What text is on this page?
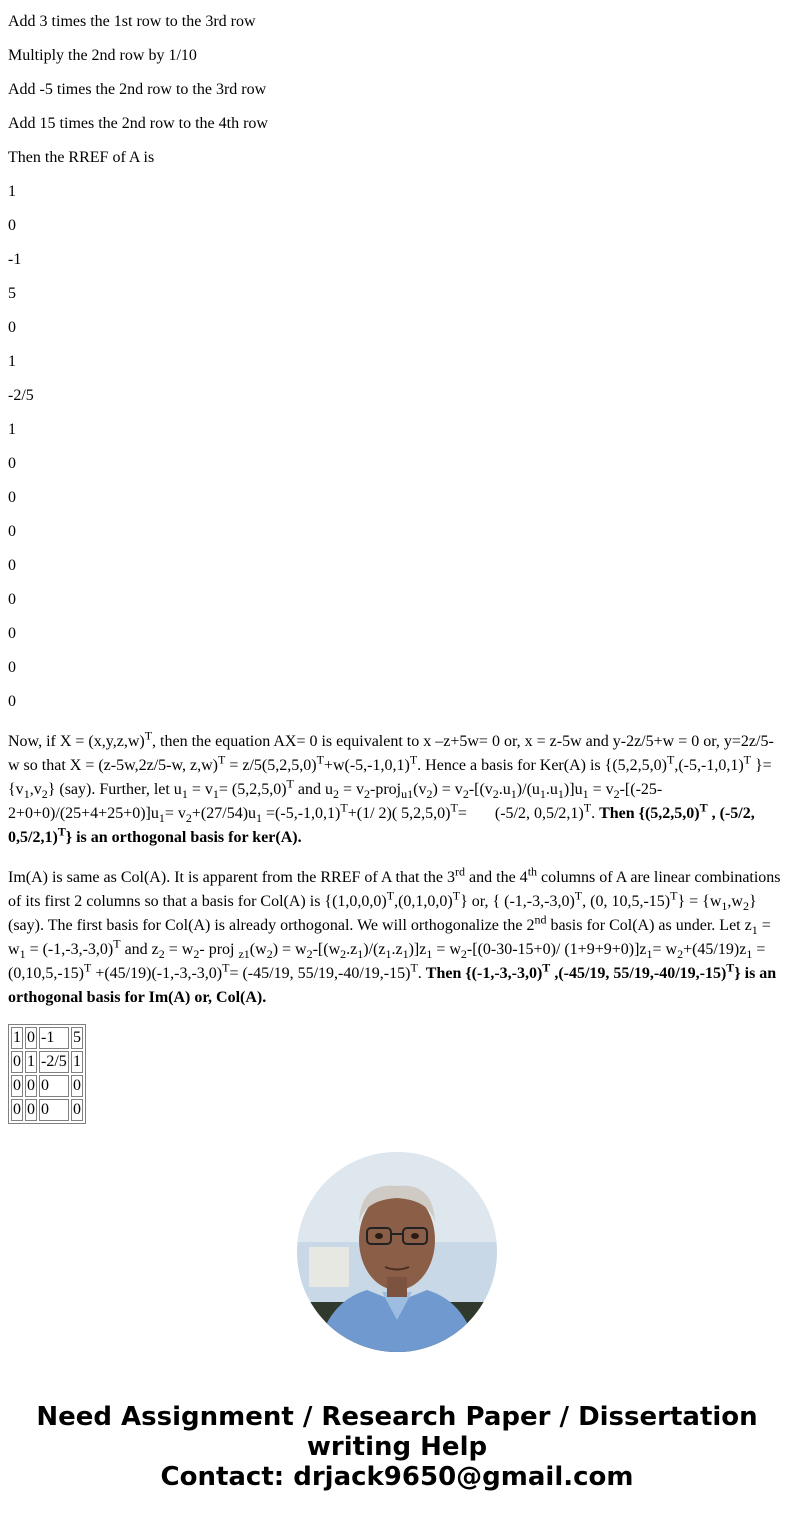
Add 3 times the 1st row to the 3rd row
Multiply the 2nd row by 1/10
Add -5 times the 2nd row to the 3rd row
Add 15 times the 2nd row to the 4th row
Then the RREF of A is
1
0
-1
5
0
1
-2/5
1
0
0
0
0
0
0
0
0
Now, if $X = (x,y,z,w)^T$, then the equation AX= 0 is equivalent to x –z+5w= 0 or, x = z-5w and y-2z/5+w = 0 or, y=2z/5-w so that X = (z-5w,2z/5-w, $z,w)^T = z/5(5,2,5,0)^T+w(-5,-1,0,1)^T$. Hence a basis for Ker(A) is {$(5,2,5,0)^T,(-5,-1,0,1)^T$ }= $\{v_1,v_2\}$ (say). Further, let $u_1 = v_1= (5,2,5,0)^T$ and $u_2$ = $v_2-proj_{u1}(v_2) = v_2-[(v_2.u_1)/(u_1.u_1)]u_1 = v_2-[(-25-2+0+0)/(25+4+25+0)]u_1= v_2+(27/54)u_1 =(-5,-1,0,1)^T+(1/$ 2)( 5,2,5,0)$^T$=       (-5/2, 0,5/2,1)$^T$. Then {$(5,2,5,0)^T$ , (-5/2, 0,5/2,1)$^T$} is an orthogonal basis for ker(A).
Im(A) is same as Col(A). It is apparent from the RREF of A that the 3rd and the 4th columns of A are linear combinations of its first 2 columns so that a basis for Col(A) is $\{(1,0,0,0)^T,(0,1,0,0)^T\}$ or, { $(-1,-3,-3,0)^T$, (0, $10,5,-15)^T\} = \{w_1,w_2\}$ (say). The first basis for Col(A) is already orthogonal. We will orthogonalize the 2nd basis for Col(A) as under. Let $z_1 = w_1 = (-1,-3,-3,0)^T$ and $z_2 = w_2-$ proj $_{z1}(w_2) = w_2-[(w_2.z_1)/(z_1.z_1)]z_1 = w_2-[(0-30-15+0)/$ $(1+9+9+0)]z_1= w_2+(45/19)z_1 = (0,10,5,-15)^T +(45/19)(-1,-3,-3,0)^T= (-45/19$, 55/19,-40/19,-15)$^T$. Then {$(-1,-3,-3,0)^T$ ,(-45/19, 55/19,-40/19,-15)$^T$} is an orthogonal basis for Im(A) or, Col(A).
1	0	-1	5
0	1	-2/5	1
0	0	0	0
0	0	0	0
Need Assignment / Research Paper / Dissertation writing Help
Contact: drjack9650@gmail.com
